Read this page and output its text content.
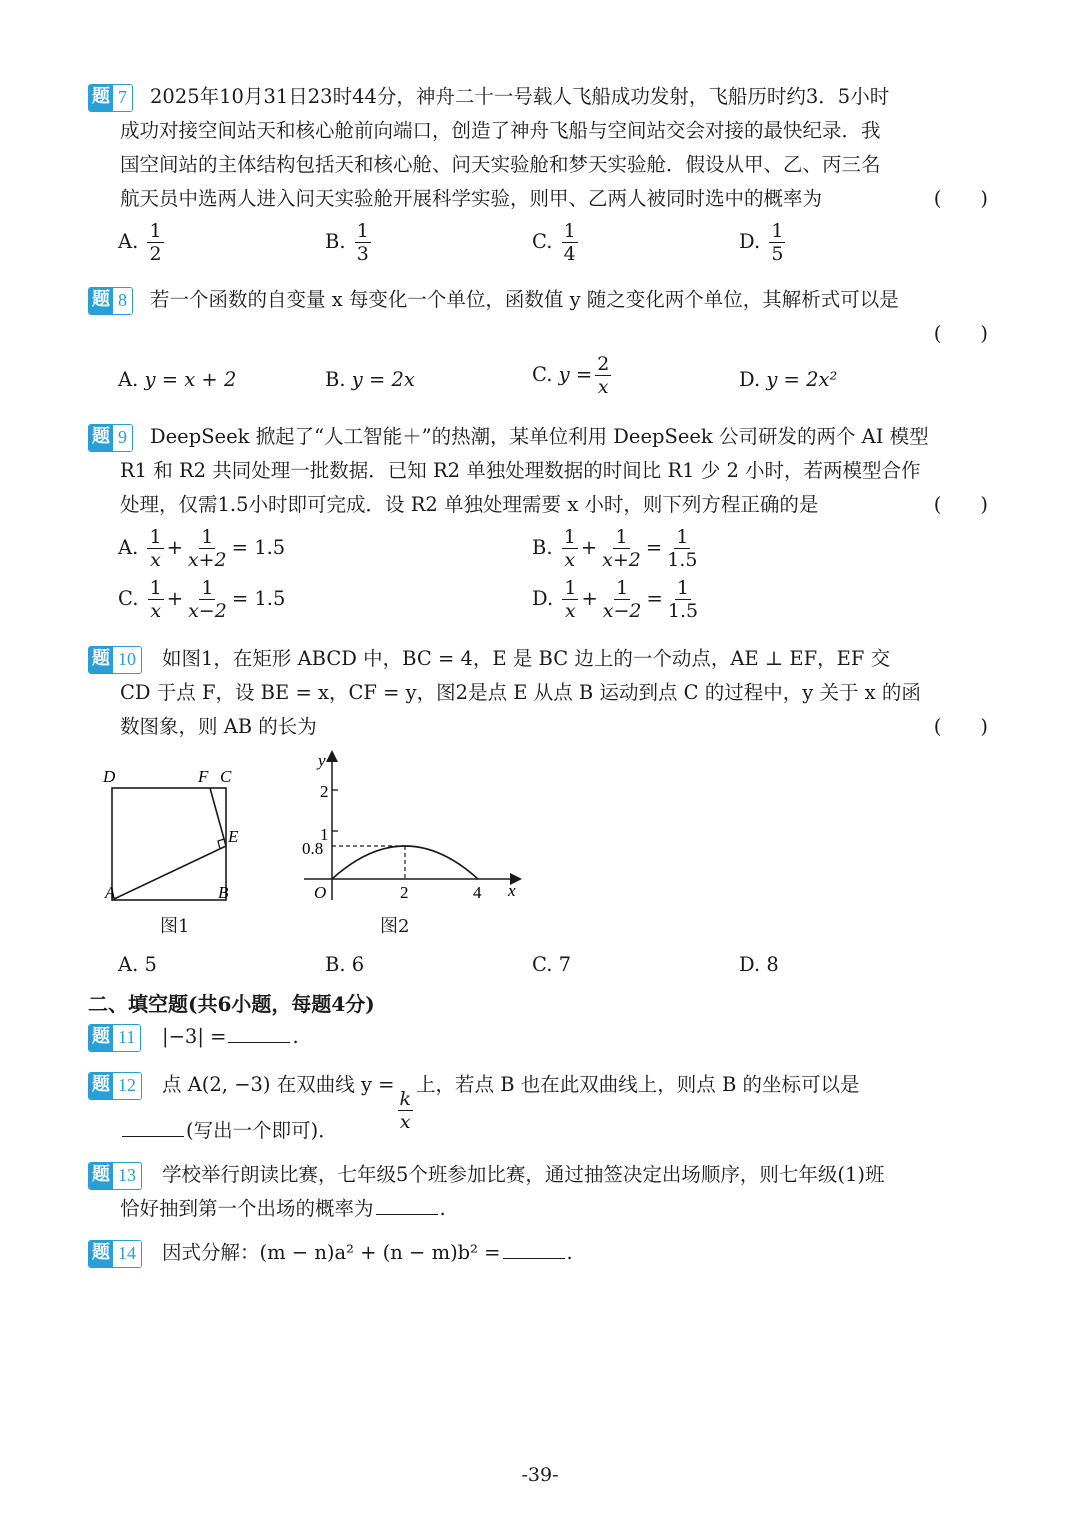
题 7 2025年10月31日23时44分，神舟二十一号载人飞船成功发射，飞船历时约3．5小时
成功对接空间站天和核心舱前向端口，创造了神舟飞船与空间站交会对接的最快纪录．我
国空间站的主体结构包括天和核心舱、问天实验舱和梦天实验舱．假设从甲、乙、丙三名
航天员中选两人进入问天实验舱开展科学实验，则甲、乙两人被同时选中的概率为	(　　)
A. $\frac{1}{2}$	B. $\frac{1}{3}$	C. $\frac{1}{4}$	D. $\frac{1}{5}$
题 8 若一个函数的自变量 x 每变化一个单位，函数值 y 随之变化两个单位，其解析式可以是
(　　)
A. y = x + 2	B. y = 2x	C. $y = \frac{2}{x}$	D. y = 2x²
题 9 DeepSeek 掀起了“人工智能＋”的热潮，某单位利用 DeepSeek 公司研发的两个 AI 模型
R1 和 R2 共同处理一批数据．已知 R2 单独处理数据的时间比 R1 少 2 小时，若两模型合作
处理，仅需1.5小时即可完成．设 R2 单独处理需要 x 小时，则下列方程正确的是	(　　)
A. $\frac{1}{x} + \frac{1}{x+2} = 1.5$	B. $\frac{1}{x} + \frac{1}{x+2} = \frac{1}{1.5}$
C. $\frac{1}{x} + \frac{1}{x-2} = 1.5$	D. $\frac{1}{x} + \frac{1}{x-2} = \frac{1}{1.5}$
题 10 如图1，在矩形 ABCD 中，BC = 4，E 是 BC 边上的一个动点，AE ⊥ EF，EF 交
CD 于点 F，设 BE = x，CF = y，图2是点 E 从点 B 运动到点 C 的过程中，y 关于 x 的函
数图象，则 AB 的长为	(　　)
D	F C
E
A	B
图1
y
x
O
2
1
0.8
2	4
图2
A. 5	B. 6	C. 7	D. 8
二、填空题(共6小题，每题4分)
题 11 |−3| =	.
题 12 点 A(2, −3) 在双曲线 y =
$\frac{k}{x}$
上，若点 B 也在此双曲线上，则点 B 的坐标可以是
(写出一个即可)．
题 13 学校举行朗读比赛，七年级5个班参加比赛，通过抽签决定出场顺序，则七年级(1)班
恰好抽到第一个出场的概率为	.
题 14 因式分解：(m − n)a² + (n − m)b² =	.
-39-
